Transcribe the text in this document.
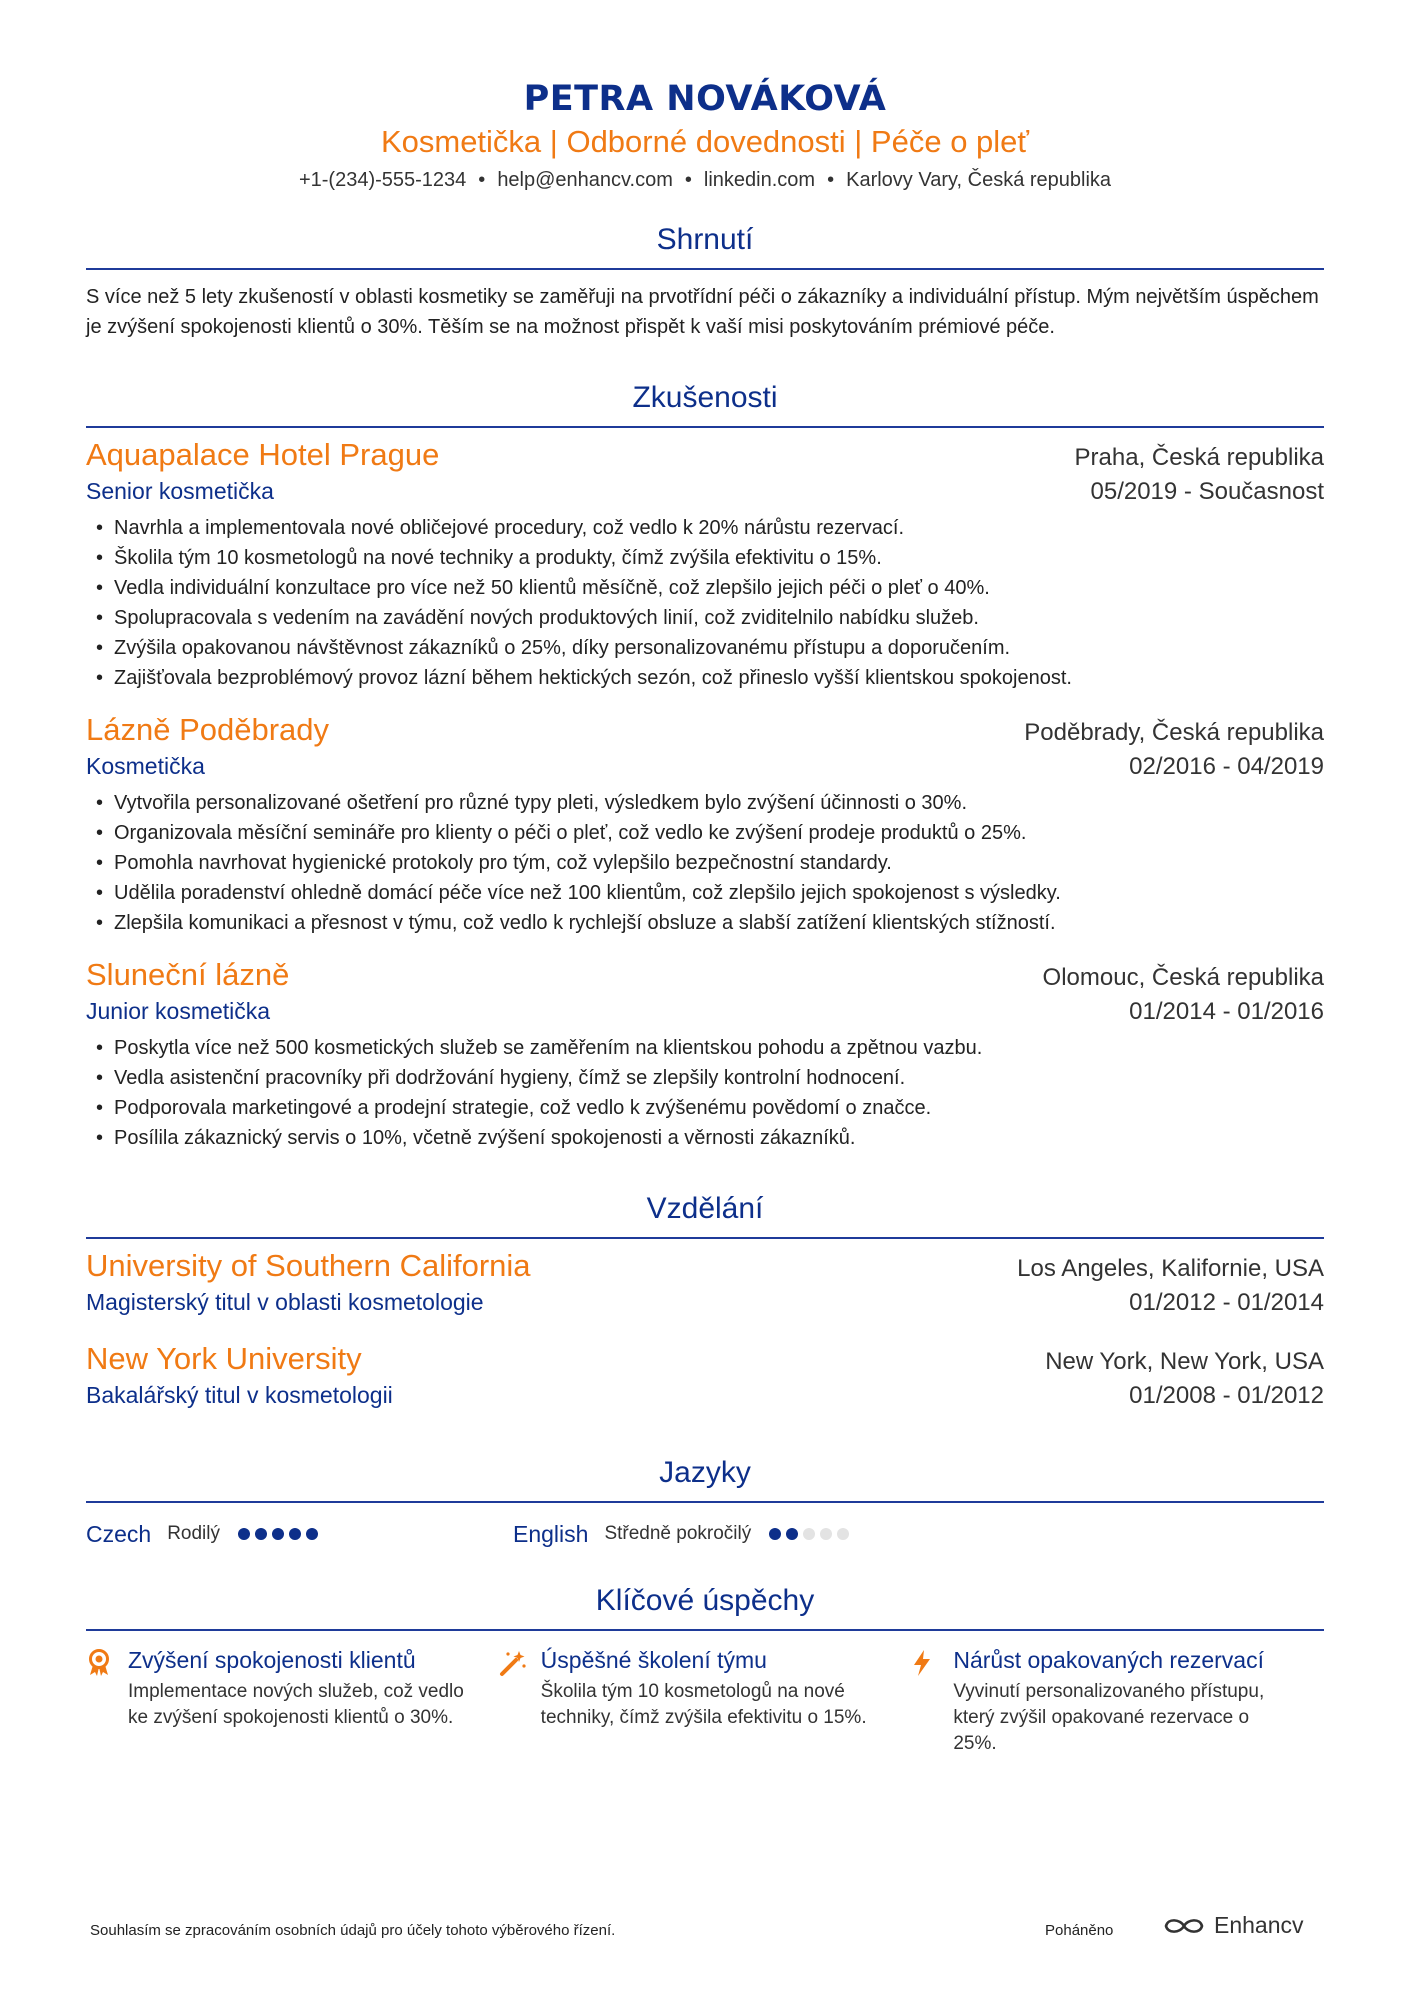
PETRA NOVÁKOVÁ
Kosmetička | Odborné dovednosti | Péče o pleť
+1-(234)-555-1234 • help@enhancv.com • linkedin.com • Karlovy Vary, Česká republika
Shrnutí
S více než 5 lety zkušeností v oblasti kosmetiky se zaměřuji na prvotřídní péči o zákazníky a individuální přístup. Mým největším úspěchem je zvýšení spokojenosti klientů o 30%. Těším se na možnost přispět k vaší misi poskytováním prémiové péče.
Zkušenosti
Aquapalace Hotel Prague	Praha, Česká republika
Senior kosmetička	05/2019 - Současnost
• Navrhla a implementovala nové obličejové procedury, což vedlo k 20% nárůstu rezervací.
• Školila tým 10 kosmetologů na nové techniky a produkty, čímž zvýšila efektivitu o 15%.
• Vedla individuální konzultace pro více než 50 klientů měsíčně, což zlepšilo jejich péči o pleť o 40%.
• Spolupracovala s vedením na zavádění nových produktových linií, což zviditelnilo nabídku služeb.
• Zvýšila opakovanou návštěvnost zákazníků o 25%, díky personalizovanému přístupu a doporučením.
• Zajišťovala bezproblémový provoz lázní během hektických sezón, což přineslo vyšší klientskou spokojenost.
Lázně Poděbrady	Poděbrady, Česká republika
Kosmetička	02/2016 - 04/2019
• Vytvořila personalizované ošetření pro různé typy pleti, výsledkem bylo zvýšení účinnosti o 30%.
• Organizovala měsíční semináře pro klienty o péči o pleť, což vedlo ke zvýšení prodeje produktů o 25%.
• Pomohla navrhovat hygienické protokoly pro tým, což vylepšilo bezpečnostní standardy.
• Udělila poradenství ohledně domácí péče více než 100 klientům, což zlepšilo jejich spokojenost s výsledky.
• Zlepšila komunikaci a přesnost v týmu, což vedlo k rychlejší obsluze a slabší zatížení klientských stížností.
Sluneční lázně	Olomouc, Česká republika
Junior kosmetička	01/2014 - 01/2016
• Poskytla více než 500 kosmetických služeb se zaměřením na klientskou pohodu a zpětnou vazbu.
• Vedla asistenční pracovníky při dodržování hygieny, čímž se zlepšily kontrolní hodnocení.
• Podporovala marketingové a prodejní strategie, což vedlo k zvýšenému povědomí o značce.
• Posílila zákaznický servis o 10%, včetně zvýšení spokojenosti a věrnosti zákazníků.
Vzdělání
University of Southern California	Los Angeles, Kalifornie, USA
Magisterský titul v oblasti kosmetologie	01/2012 - 01/2014
New York University	New York, New York, USA
Bakalářský titul v kosmetologii	01/2008 - 01/2012
Jazyky
Czech Rodilý	English Středně pokročilý
Klíčové úspěchy
Zvýšení spokojenosti klientů
Implementace nových služeb, což vedlo ke zvýšení spokojenosti klientů o 30%.
Úspěšné školení týmu
Školila tým 10 kosmetologů na nové techniky, čímž zvýšila efektivitu o 15%.
Nárůst opakovaných rezervací
Vyvinutí personalizovaného přístupu, který zvýšil opakované rezervace o 25%.
Souhlasím se zpracováním osobních údajů pro účely tohoto výběrového řízení.	Poháněno	Enhancv
